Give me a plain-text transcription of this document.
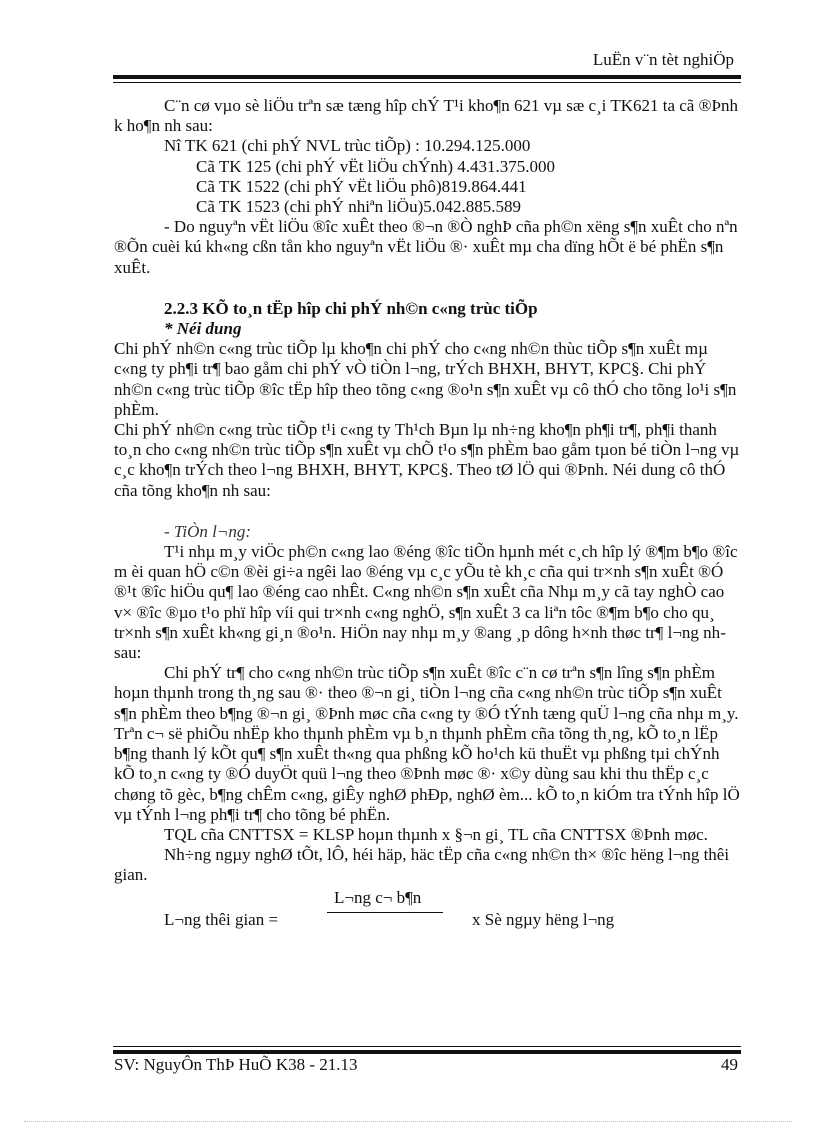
LuËn v¨n tèt nghiÖp

C¨n cø vµo sè liÖu trªn sæ tæng hîp chÝ T¹i kho¶n 621 vµ sæ c¸i TK621 ta cã ®Þnh k ho¶n nh sau:

Nî TK 621 (chi phÝ NVL trùc tiÕp) : 10.294.125.000

Cã TK 125 (chi phÝ vËt liÖu chÝnh) 4.431.375.000

Cã TK 1522 (chi phÝ vËt liÖu phô)819.864.441

Cã TK 1523 (chi phÝ nhiªn liÖu)5.042.885.589

- Do nguyªn vËt liÖu ®îc xuÊt theo ®¬n ®Ò nghÞ cña ph©n xëng s¶n xuÊt cho nªn ®Õn cuèi kú kh«ng cßn tån kho nguyªn vËt liÖu ®· xuÊt mµ cha dïng hÕt ë bé phËn s¶n xuÊt.

2.2.3 KÕ to¸n tËp hîp chi phÝ nh©n c«ng trùc tiÕp

* Néi dung

Chi phÝ nh©n c«ng trùc tiÕp lµ kho¶n chi phÝ cho c«ng nh©n thùc tiÕp s¶n xuÊt mµ c«ng ty ph¶i tr¶ bao gåm chi phÝ vÒ tiÒn l¬ng, trÝch BHXH, BHYT, KPC§. Chi phÝ nh©n c«ng trùc tiÕp ®îc tËp hîp theo tõng c«ng ®o¹n s¶n xuÊt vµ cô thÓ cho tõng lo¹i s¶n phÈm.

Chi phÝ nh©n c«ng trùc tiÕp t¹i c«ng ty Th¹ch Bµn lµ nh÷ng kho¶n ph¶i tr¶, ph¶i thanh to¸n cho c«ng nh©n trùc tiÕp s¶n xuÊt vµ chÕ t¹o s¶n phÈm bao gåm tµon bé tiÒn l¬ng vµ c¸c kho¶n trÝch theo l¬ng BHXH, BHYT, KPC§. Theo tØ lÖ qui ®Þnh. Néi dung cô thÓ cña tõng kho¶n nh sau:

- TiÒn l¬ng:

T¹i nhµ m¸y viÖc ph©n c«ng lao ®éng ®îc tiÕn hµnh mét c¸ch hîp lý ®¶m b¶o ®îc m èi quan hÖ c©n ®èi gi÷a ngêi lao ®éng vµ c¸c yÕu tè kh¸c cña qui tr×nh s¶n xuÊt ®Ó ®¹t ®îc hiÖu qu¶ lao ®éng cao nhÊt. C«ng nh©n s¶n xuÊt cña Nhµ m¸y cã tay nghÒ cao v× ®îc ®µo t¹o phï hîp víi qui tr×nh c«ng nghÖ, s¶n xuÊt 3 ca liªn tôc ®¶m b¶o cho qu¸ tr×nh s¶n xuÊt kh«ng gi¸n ®o¹n. HiÖn nay nhµ m¸y ®ang ¸p dông h×nh thøc tr¶ l¬ng nh sau:

Chi phÝ tr¶ cho c«ng nh©n trùc tiÕp s¶n xuÊt ®îc c¨n cø trªn s¶n lîng s¶n phÈm hoµn thµnh trong th¸ng sau ®· theo ®¬n gi¸ tiÒn l¬ng cña c«ng nh©n trùc tiÕp s¶n xuÊt s¶n phÈm theo b¶ng ®¬n gi¸ ®Þnh møc cña c«ng ty ®Ó tÝnh tæng quÜ l¬ng cña nhµ m¸y. Trªn c¬ së phiÕu nhËp kho thµnh phÈm vµ b¸n thµnh phÈm cña tõng th¸ng, kÕ to¸n lËp b¶ng thanh lý kÕt qu¶ s¶n xuÊt th«ng qua phßng kÕ ho¹ch kü thuËt vµ phßng tµi chÝnh kÕ to¸n c«ng ty ®Ó duyÖt quü l¬ng theo ®Þnh møc ®· x©y dùng sau khi thu thËp c¸c chøng tõ gèc, b¶ng chÊm c«ng, giÊy nghØ phÐp, nghØ èm... kÕ to¸n kiÓm tra tÝnh hîp lÖ vµ tÝnh l¬ng ph¶i tr¶ cho tõng bé phËn.

TQL cña CNTTSX = KLSP hoµn thµnh x §¬n gi¸ TL cña CNTTSX ®Þnh møc.

Nh÷ng ngµy nghØ tÕt, lÔ, héi häp, häc tËp cña c«ng nh©n th× ®îc hëng l¬ng thêi gian.

L¬ng thêi gian =
L¬ng c¬ b¶n
x Sè ngµy hëng l¬ng
SV: NguyÔn ThÞ HuÕ K38 - 21.13	49
